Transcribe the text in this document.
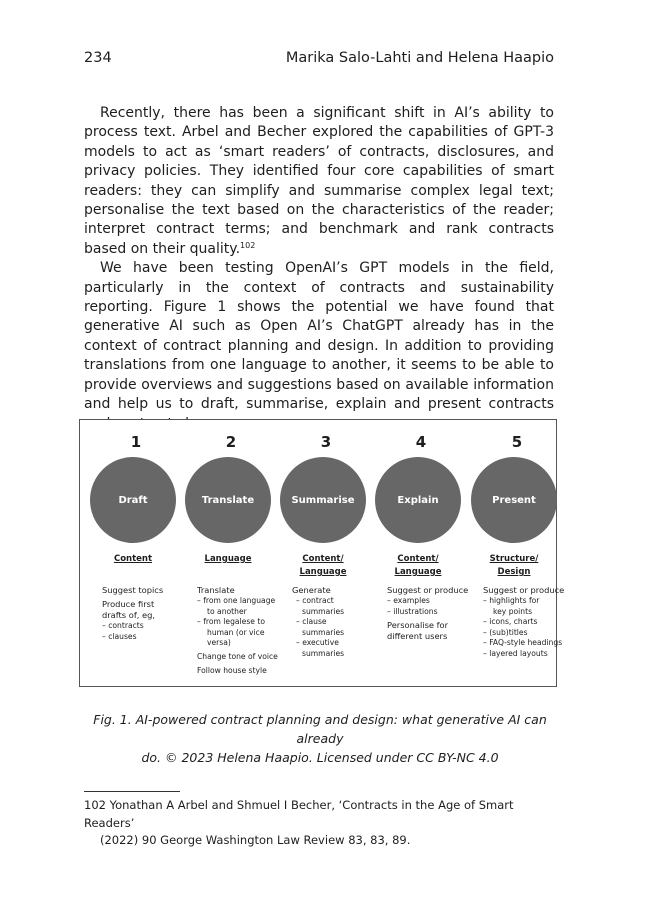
234	Marika Salo-Lahti and Helena Haapio

Recently, there has been a significant shift in AI’s ability to process text. Arbel and Becher explored the capabilities of GPT-3 models to act as ‘smart readers’ of contracts, disclosures, and privacy policies. They identified four core capabilities of smart readers: they can simplify and summarise complex legal text; personalise the text based on the characteristics of the reader; interpret contract terms; and benchmark and rank contracts based on their quality.$^{102}$

We have been testing OpenAI’s GPT models in the field, particularly in the context of contracts and sustainability reporting. Figure 1 shows the potential we have found that generative AI such as Open AI’s ChatGPT already has in the context of contract planning and design. In addition to providing translations from one language to another, it seems to be able to provide overviews and suggestions based on available information and help us to draft, summarise, explain and present contracts

1
Draft
Content
Suggest topics
Produce first
drafts of, eg,
– contracts
– clauses
2
Translate
Language
Translate
– from one language
to another
– from legalese to
human (or vice
versa)
Change tone of voice
Follow house style
3
Summarise
Content/
Language
Generate
– contract
summaries
– clause
summaries
– executive
summaries
4
Explain
Content/
Language
Suggest or produce
– examples
– illustrations
Personalise for
different users
5
Present
Structure/
Design
Suggest or produce
– highlights for
key points
– icons, charts
– (sub)titles
– FAQ-style headings
– layered layouts
Fig. 1. AI-powered contract planning and design: what generative AI can already
do. © 2023 Helena Haapio. Licensed under CC BY-NC 4.0
102 Yonathan A Arbel and Shmuel I Becher, ‘Contracts in the Age of Smart Readers’
(2022) 90 George Washington Law Review 83, 83, 89.
